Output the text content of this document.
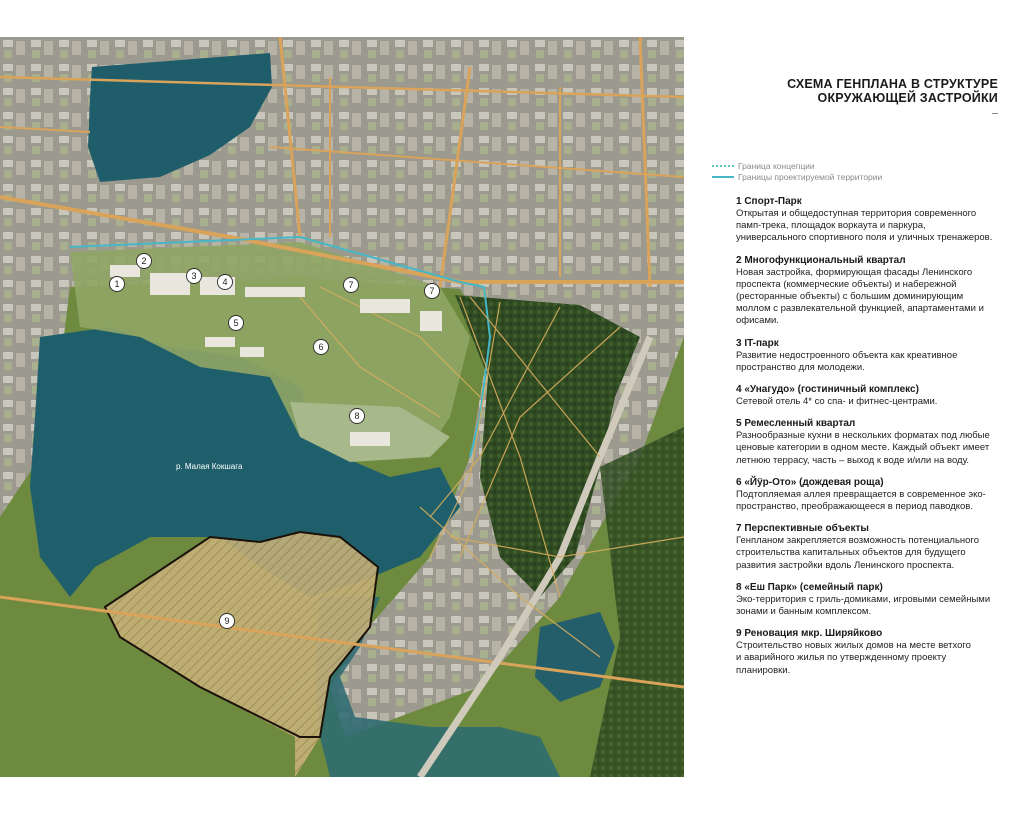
р. Малая Кокшага
1
2
3
4
5
6
7
7
8
9
СХЕМА ГЕНПЛАНА В СТРУКТУРЕ
ОКРУЖАЮЩЕЙ ЗАСТРОЙКИ
Граница концепции
Границы проектируемой территории
1 Спорт-Парк
Открытая и общедоступная территория современного
памп-трека, площадок воркаута и паркура,
универсального спортивного поля и уличных тренажеров.
2 Многофункциональный квартал
Новая застройка, формирующая фасады Ленинского
проспекта (коммерческие объекты) и набережной
(ресторанные объекты) с большим доминирующим
моллом с развлекательной функцией, апартаментами и
офисами.
3 IT-парк
Развитие недостроенного объекта как креативное
пространство для молодежи.
4 «Унагудо» (гостиничный комплекс)
Сетевой отель 4* со спа- и фитнес-центрами.
5 Ремесленный квартал
Разнообразные кухни в нескольких форматах под любые
ценовые категории в одном месте. Каждый объект имеет
летнюю террасу, часть – выход к воде и/или на воду.
6 «Йӱр-Ото» (дождевая роща)
Подтопляемая аллея превращается в современное эко-
пространство, преображающееся в период паводков.
7 Перспективные объекты
Генпланом закрепляется возможность потенциального
строительства капитальных объектов для будущего
развития застройки вдоль Ленинского проспекта.
8 «Еш Парк» (семейный парк)
Эко-территория с гриль-домиками, игровыми семейными
зонами и банным комплексом.
9 Реновация мкр. Ширяйково
Строительство новых жилых домов на месте ветхого
и аварийного жилья по утвержденному проекту
планировки.
